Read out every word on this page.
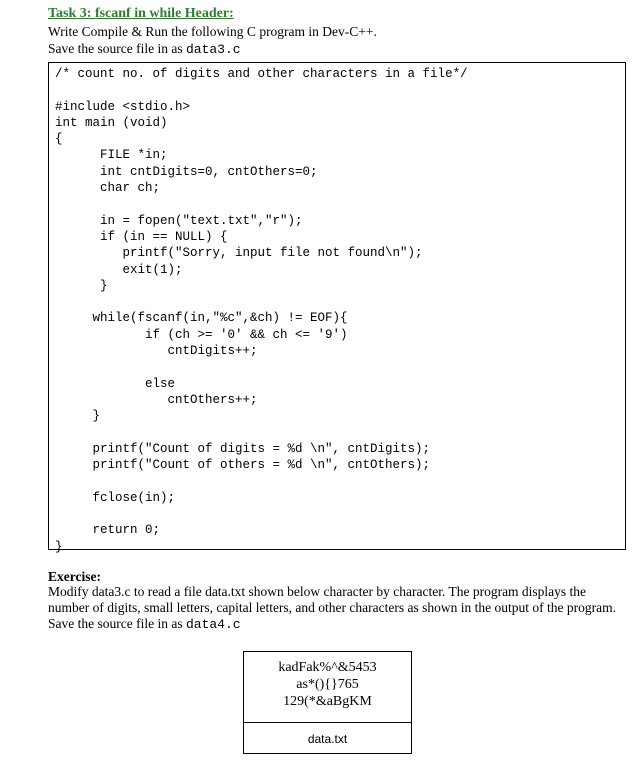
Task 3: fscanf in while Header:
Write Compile & Run the following C program in Dev-C++.
Save the source file in as data3.c
/* count no. of digits and other characters in a file*/

#include <stdio.h>
int main (void)
{
FILE *in;
int cntDigits=0, cntOthers=0;
char ch;

in = fopen("text.txt","r");
if (in == NULL) {
printf("Sorry, input file not found\n");
exit(1);
}

while(fscanf(in,"%c",&ch) != EOF){
if (ch >= '0' && ch <= '9')
cntDigits++;

else
cntOthers++;
}

printf("Count of digits = %d \n", cntDigits);
printf("Count of others = %d \n", cntOthers);

fclose(in);

return 0;
}
Exercise:
Modify data3.c to read a file data.txt shown below character by character. The program displays the number of digits, small letters, capital letters, and other characters as shown in the output of the program. Save the source file in as data4.c
kadFak%^&5453
as*(){}765
129(*&aBgKM
data.txt
